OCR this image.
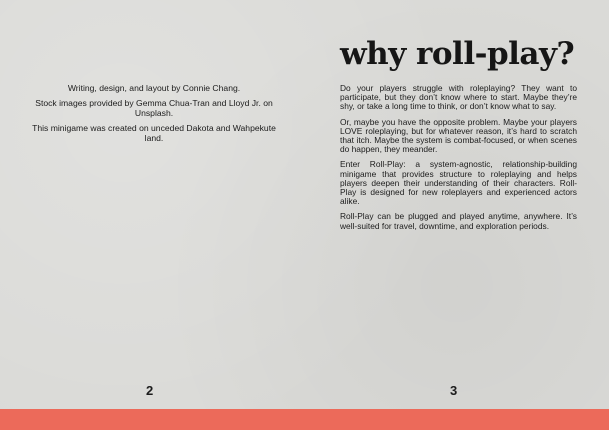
Writing, design, and layout by Connie Chang.

Stock images provided by Gemma Chua-Tran and Lloyd Jr. on Unsplash.

This minigame was created on unceded Dakota and Wahpekute land.

2
why roll-play?

Do your players struggle with roleplaying? They want to participate, but they don’t know where to start. Maybe they’re shy, or take a long time to think, or don’t know what to say.

Or, maybe you have the opposite problem. Maybe your players LOVE roleplaying, but for whatever reason, it’s hard to scratch that itch. Maybe the system is combat-focused, or when scenes do happen, they meander.

Enter Roll-Play: a system-agnostic, relationship-building minigame that provides structure to roleplaying and helps players deepen their understanding of their characters. Roll-Play is designed for new roleplayers and experienced actors alike.

Roll-Play can be plugged and played anytime, anywhere. It’s well-suited for travel, downtime, and exploration periods.

3
